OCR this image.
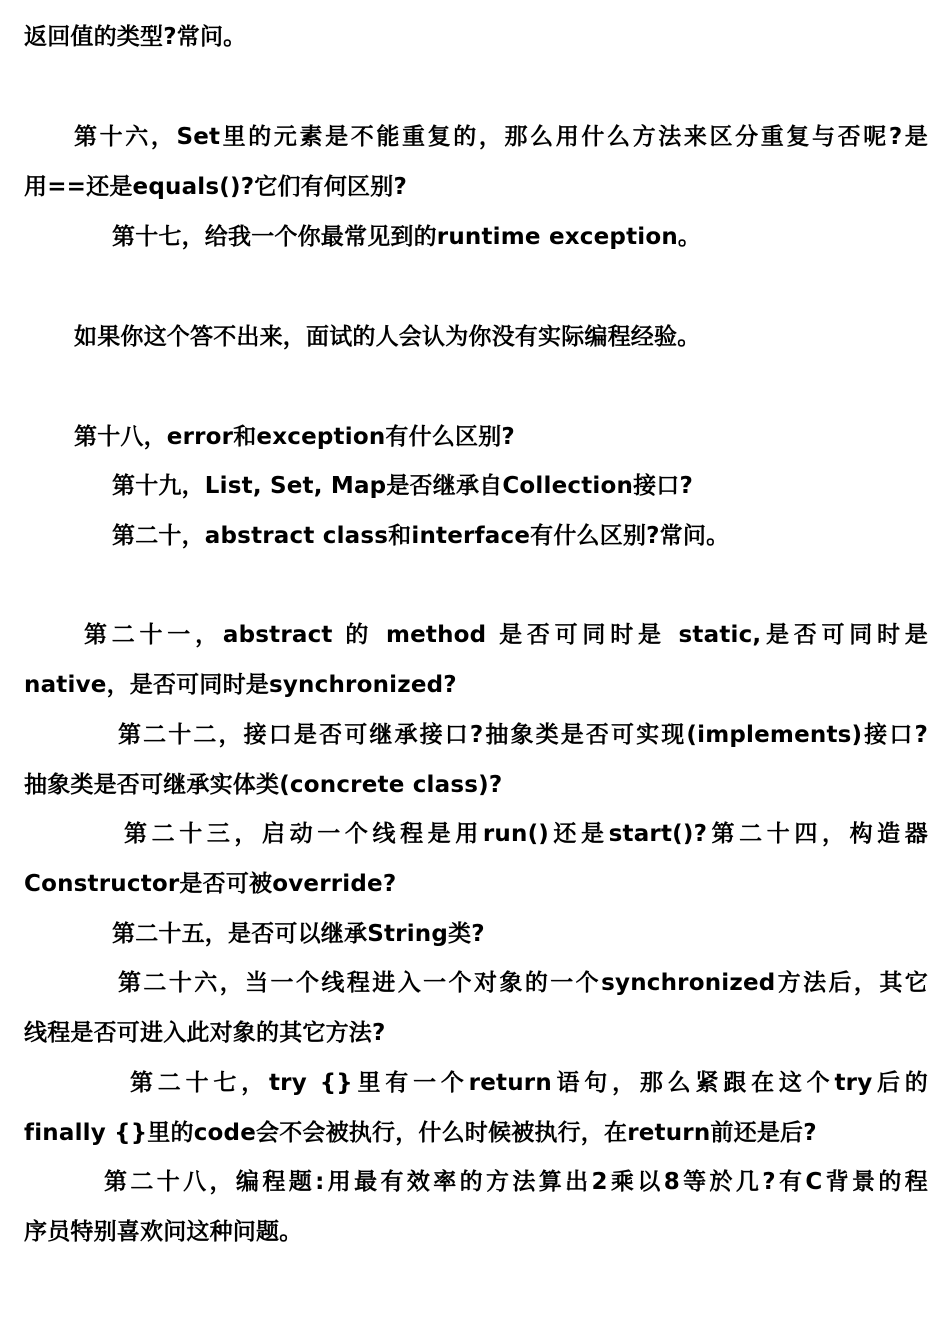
返回值的类型?常问。
第十六，Set里的元素是不能重复的，那么用什么方法来区分重复与否呢?是
用==还是equals()?它们有何区别?
第十七，给我一个你最常见到的runtime exception。
如果你这个答不出来，面试的人会认为你没有实际编程经验。
第十八，error和exception有什么区别?
第十九，List, Set, Map是否继承自Collection接口?
第二十，abstract class和interface有什么区别?常问。
第二十一，abstract 的 method 是否可同时是 static,是否可同时是
native，是否可同时是synchronized?
第二十二，接口是否可继承接口?抽象类是否可实现(implements)接口?
抽象类是否可继承实体类(concrete class)?
第二十三，启动一个线程是用run()还是start()?第二十四，构造器
Constructor是否可被override?
第二十五，是否可以继承String类?
第二十六，当一个线程进入一个对象的一个synchronized方法后，其它
线程是否可进入此对象的其它方法?
第二十七，try {}里有一个return语句，那么紧跟在这个try后的
finally {}里的code会不会被执行，什么时候被执行，在return前还是后?
第二十八，编程题:用最有效率的方法算出2乘以8等於几?有C背景的程
序员特别喜欢问这种问题。
